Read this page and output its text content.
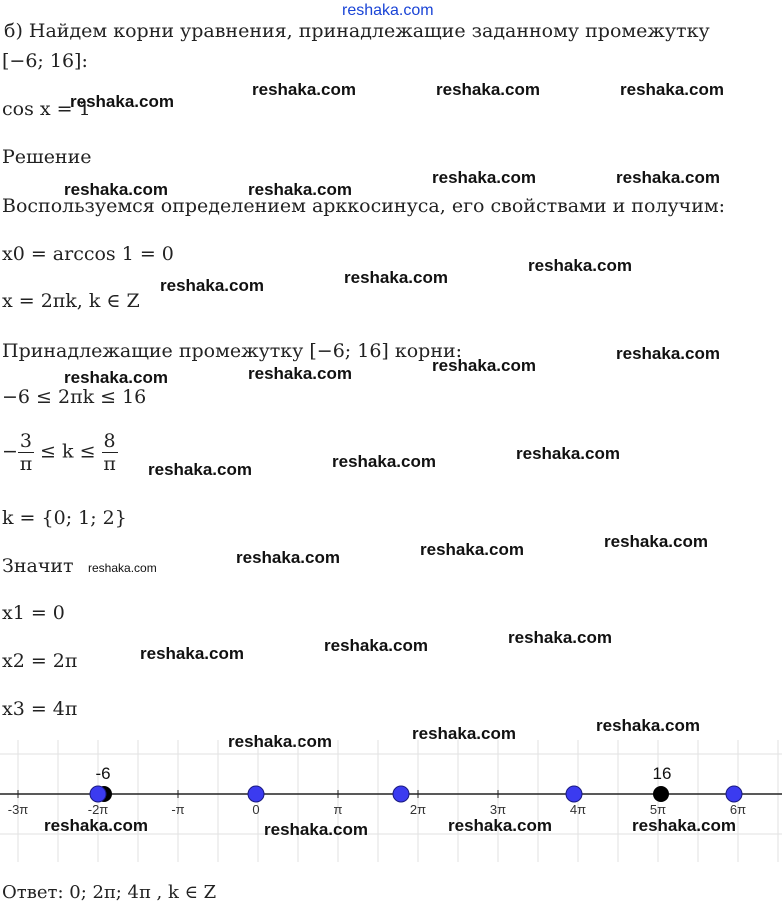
reshaka.com
б) Найдем корни уравнения, принадлежащие заданному промежутку
[−6; 16]:
cos x = 1
Решение
Воспользуемся определением арккосинуса, его свойствами и получим:
x0 = arccos 1 = 0
x = 2πk, k ∈ Z
Принадлежащие промежутку [−6; 16] корни:
−6 ≤ 2πk ≤ 16
− $\frac{3}{\pi} \le k \le \frac{8}{\pi}$
k = {0; 1; 2}
Значит reshaka.com
x1 = 0
x2 = 2π
x3 = 4π
reshaka.com
reshaka.com	reshaka.com	reshaka.com
reshaka.com	reshaka.com
reshaka.com	reshaka.com
reshaka.com	reshaka.com
reshaka.com
reshaka.com
reshaka.com	reshaka.com	reshaka.com
reshaka.com	reshaka.com	reshaka.com
reshaka.com	reshaka.com	reshaka.com
reshaka.com	reshaka.com	reshaka.com
reshaka.com	reshaka.com	reshaka.com
-3π	-2π	-π	0	π	2π	3π	4π	5π	6π
-6	16
reshaka.com	reshaka.com	reshaka.com	reshaka.com
Ответ: 0; 2π; 4π , k ∈ Z
